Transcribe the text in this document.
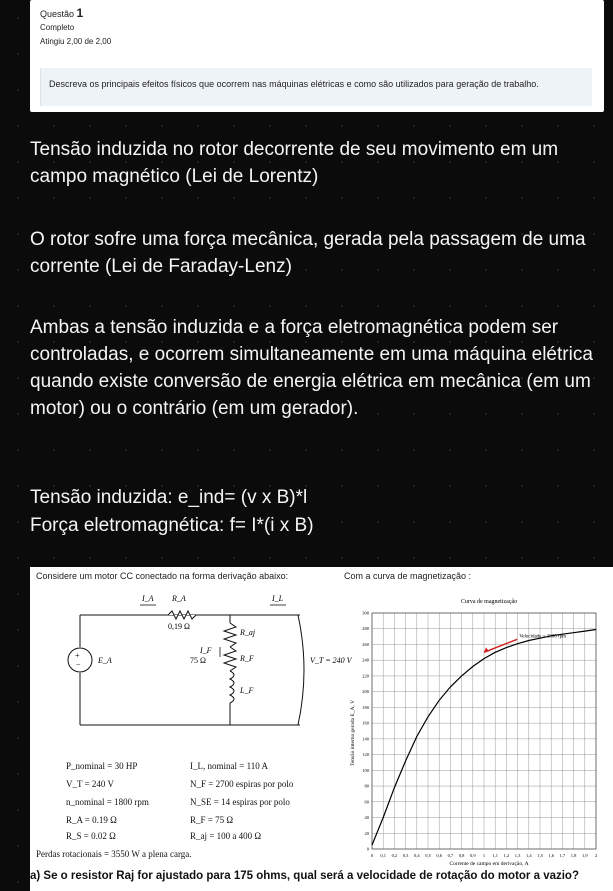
Questão 1
Completo
Atingiu 2,00 de 2,00
Descreva os principais efeitos físicos que ocorrem nas máquinas elétricas e como são utilizados para geração de trabalho.
Tensão induzida no rotor decorrente de seu movimento em um campo magnético (Lei de Lorentz)
O rotor sofre uma força mecânica, gerada pela passagem de uma corrente (Lei de Faraday-Lenz)
Ambas a tensão induzida e a força eletromagnética podem ser controladas, e ocorrem simultaneamente em uma máquina elétrica quando existe conversão de energia elétrica em mecânica (em um motor) ou o contrário (em um gerador).
Tensão induzida: e_ind= (v x B)*l
Força eletromagnética: f= I*(i x B)
Considere um motor CC conectado na forma derivação abaixo:	Com a curva de magnetização :
+
−
I_A R_A	I_L
0,19 Ω
I_F
R_aj
R_F
75 Ω
E_A	V_T = 240 V
L_F
P_nominal = 30 HP	I_L, nominal = 110 A
V_T = 240 V	N_F = 2700 espiras por polo
n_nominal = 1800 rpm	N_SE = 14 espiras por polo
R_A = 0.19 Ω	R_F = 75 Ω
R_S = 0.02 Ω	R_aj = 100 a 400 Ω
Perdas rotacionais = 3550 W a plena carga.
Curva de magnetização
Tensão interna gerada E_A, V
Corrente de campo em derivação, A
0 0,1 0,2 0,3 0,4 0,5 0,6 0,7 0,8 0,9 1 1,1 1,2 1,3 1,4 1,5 1,6 1,7 1,8 1,9 2
0
20
40
60
80
100
120
140
160
180
200
220
240
260
280
300
Velocidade = 1800 rpm
a) Se o resistor Raj for ajustado para 175 ohms, qual será a velocidade de rotação do motor a vazio?
